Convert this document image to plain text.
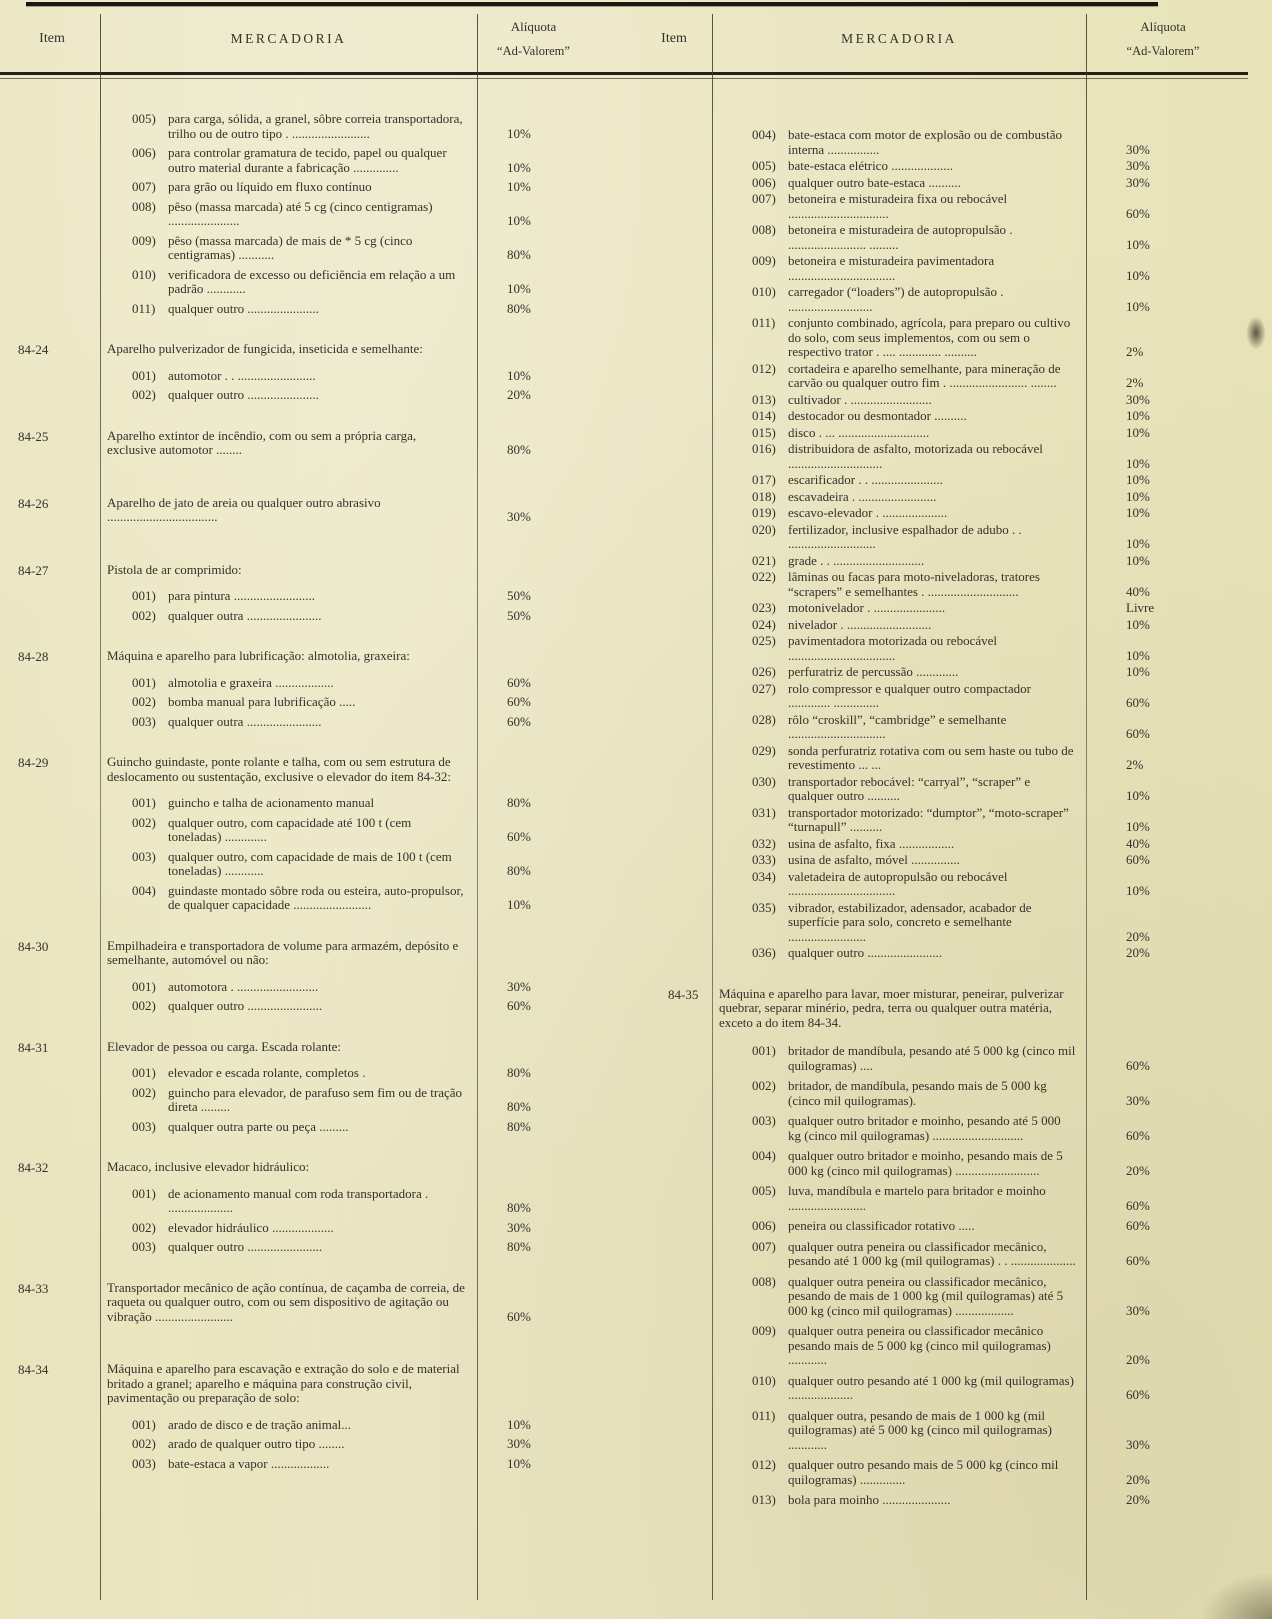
Item	MERCADORIA
Alíquota
“Ad-Valorem”
005) para carga, sólida, a granel, sôbre correia transportadora, trilho ou de outro tipo . ........................	10%
006) para controlar gramatura de tecido, papel ou qualquer outro material durante a fabricação ..............	10%
007) para grão ou líquido em fluxo contínuo	10%
008) pêso (massa marcada) até 5 cg (cinco centigramas) ......................	10%
009) pêso (massa marcada) de mais de * 5 cg (cinco centigramas) ...........	80%
010) verificadora de excesso ou deficiência em relação a um padrão ............	10%
011) qualquer outro ......................	80%
84-24	Aparelho pulverizador de fungicida, inseticida e semelhante:
001) automotor . . ........................	10%
002) qualquer outro ......................	20%
84-25	Aparelho extintor de incêndio, com ou sem a própria carga, exclusive automotor ........	80%
84-26	Aparelho de jato de areia ou qualquer outro abrasivo ..................................	30%
84-27	Pistola de ar comprimido:
001) para pintura .........................	50%
002) qualquer outra .......................	50%
84-28	Máquina e aparelho para lubrificação: almotolia, graxeira:
001) almotolia e graxeira ..................	60%
002) bomba manual para lubrificação .....	60%
003) qualquer outra .......................	60%
84-29	Guincho guindaste, ponte rolante e talha, com ou sem estrutura de deslocamento ou sustentação, exclusive o elevador do item 84-32:
001) guincho e talha de acionamento manual	80%
002) qualquer outro, com capacidade até 100 t (cem toneladas) .............	60%
003) qualquer outro, com capacidade de mais de 100 t (cem toneladas) ............	80%
004) guindaste montado sôbre roda ou esteira, auto-propulsor, de qualquer capacidade ........................	10%
84-30	Empilhadeira e transportadora de volume para armazém, depósito e semelhante, automóvel ou não:
001) automotora . .........................	30%
002) qualquer outro .......................	60%
84-31	Elevador de pessoa ou carga. Escada rolante:
001) elevador e escada rolante, completos .	80%
002) guincho para elevador, de parafuso sem fim ou de tração direta .........	80%
003) qualquer outra parte ou peça .........	80%
84-32	Macaco, inclusive elevador hidráulico:
001) de acionamento manual com roda transportadora . ....................	80%
002) elevador hidráulico ...................	30%
003) qualquer outro .......................	80%
84-33	Transportador mecânico de ação contínua, de caçamba de correia, de raqueta ou qualquer outro, com ou sem dispositivo de agitação ou vibração ........................	60%
84-34	Máquina e aparelho para escavação e extração do solo e de material britado a granel; aparelho e máquina para construção civil, pavimentação ou preparação de solo:
001) arado de disco e de tração animal...	10%
002) arado de qualquer outro tipo ........	30%
003) bate-estaca a vapor ..................	10%
Item	MERCADORIA
Alíquota
“Ad-Valorem”
004) bate-estaca com motor de explosão ou de combustão interna ................	30%
005) bate-estaca elétrico ...................	30%
006) qualquer outro bate-estaca ..........	30%
007) betoneira e misturadeira fixa ou rebocável ...............................	60%
008) betoneira e misturadeira de autopropulsão . ........................ .........	10%
009) betoneira e misturadeira pavimentadora .................................	10%
010) carregador (“loaders”) de autopropulsão . ..........................	10%
011) conjunto combinado, agrícola, para preparo ou cultivo do solo, com seus implementos, com ou sem o respectivo trator . .... ............. ..........	2%
012) cortadeira e aparelho semelhante, para mineração de carvão ou qualquer outro fim . ........................ ........	2%
013) cultivador . .........................	30%
014) destocador ou desmontador ..........	10%
015) disco . ... ............................	10%
016) distribuidora de asfalto, motorizada ou rebocável .............................	10%
017) escarificador . . ......................	10%
018) escavadeira . ........................	10%
019) escavo-elevador . ....................	10%
020) fertilizador, inclusive espalhador de adubo . . ...........................	10%
021) grade . . ............................	10%
022) lâminas ou facas para moto-niveladoras, tratores “scrapers” e semelhantes . ............................	40%
023) motonivelador . ......................	Livre
024) nivelador . ..........................	10%
025) pavimentadora motorizada ou rebocável .................................	10%
026) perfuratriz de percussão .............	10%
027) rolo compressor e qualquer outro compactador ............. ..............	60%
028) rôlo “croskill”, “cambridge” e semelhante ..............................	60%
029) sonda perfuratriz rotativa com ou sem haste ou tubo de revestimento ... ...	2%
030) transportador rebocável: “carryal”, “scraper” e qualquer outro ..........	10%
031) transportador motorizado: “dumptor”, “moto-scraper” “turnapull” ..........	10%
032) usina de asfalto, fixa .................	40%
033) usina de asfalto, móvel ...............	60%
034) valetadeira de autopropulsão ou rebocável .................................	10%
035) vibrador, estabilizador, adensador, acabador de superfície para solo, concreto e semelhante ........................	20%
036) qualquer outro .......................	20%
84-35	Máquina e aparelho para lavar, moer misturar, peneirar, pulverizar quebrar, separar minério, pedra, terra ou qualquer outra matéria, exceto a do item 84-34.
001) britador de mandíbula, pesando até 5 000 kg (cinco mil quilogramas) ....	60%
002) britador, de mandíbula, pesando mais de 5 000 kg (cinco mil quilogramas).	30%
003) qualquer outro britador e moinho, pesando até 5 000 kg (cinco mil quilogramas) ............................	60%
004) qualquer outro britador e moinho, pesando mais de 5 000 kg (cinco mil quilogramas) ..........................	20%
005) luva, mandíbula e martelo para britador e moinho ........................	60%
006) peneira ou classificador rotativo .....	60%
007) qualquer outra peneira ou classificador mecânico, pesando até 1 000 kg (mil quilogramas) . . ....................	60%
008) qualquer outra peneira ou classificador mecânico, pesando de mais de 1 000 kg (mil quilogramas) até 5 000 kg (cinco mil quilogramas) ..................	30%
009) qualquer outra peneira ou classificador mecânico pesando mais de 5 000 kg (cinco mil quilogramas) ............	20%
010) qualquer outro pesando até 1 000 kg (mil quilogramas) ....................	60%
011) qualquer outra, pesando de mais de 1 000 kg (mil quilogramas) até 5 000 kg (cinco mil quilogramas) ............	30%
012) qualquer outro pesando mais de 5 000 kg (cinco mil quilogramas) ..............	20%
013) bola para moinho .....................	20%
